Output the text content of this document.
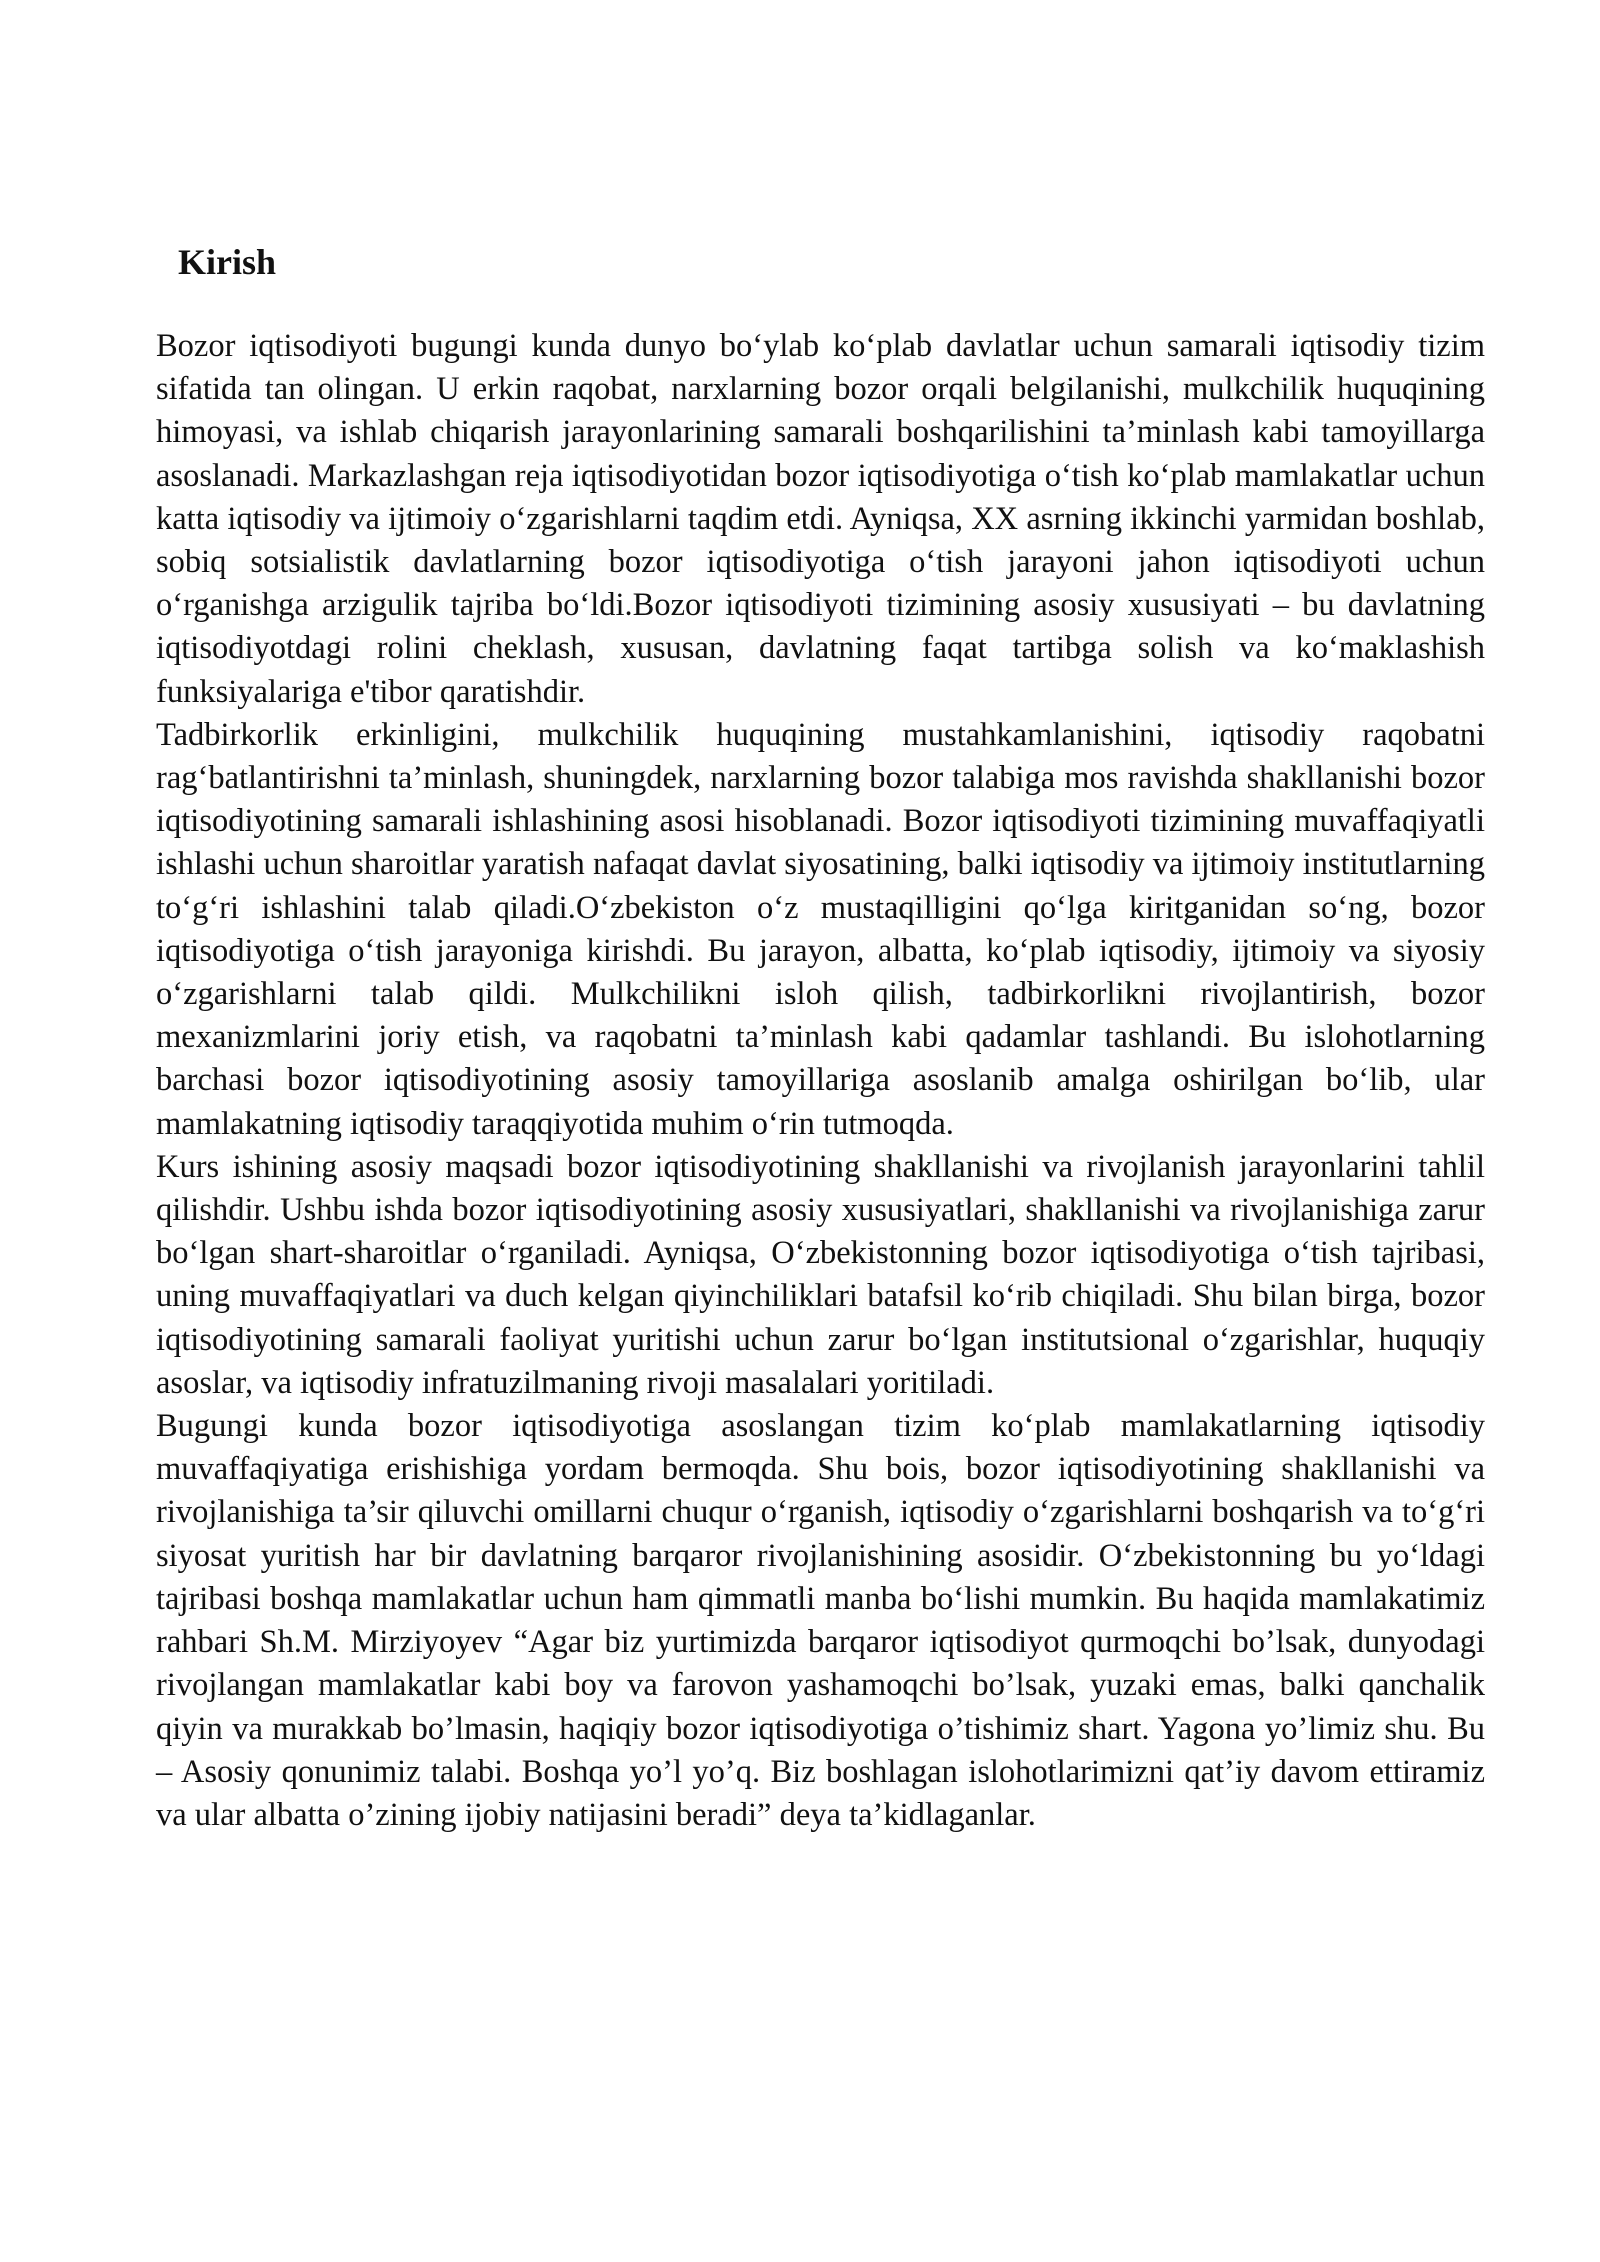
Kirish

Bozor iqtisodiyoti bugungi kunda dunyo bo‘ylab ko‘plab davlatlar uchun samarali iqtisodiy tizim sifatida tan olingan. U erkin raqobat, narxlarning bozor orqali belgilanishi, mulkchilik huquqining himoyasi, va ishlab chiqarish jarayonlarining samarali boshqarilishini ta’minlash kabi tamoyillarga asoslanadi. Markazlashgan reja iqtisodiyotidan bozor iqtisodiyotiga o‘tish ko‘plab mamlakatlar uchun katta iqtisodiy va ijtimoiy o‘zgarishlarni taqdim etdi. Ayniqsa, XX asrning ikkinchi yarmidan boshlab, sobiq sotsialistik davlatlarning bozor iqtisodiyotiga o‘tish jarayoni jahon iqtisodiyoti uchun o‘rganishga arzigulik tajriba bo‘ldi.Bozor iqtisodiyoti tizimining asosiy xususiyati – bu davlatning iqtisodiyotdagi rolini cheklash, xususan, davlatning faqat tartibga solish va ko‘maklashish funksiyalariga e'tibor qaratishdir.

Tadbirkorlik erkinligini, mulkchilik huquqining mustahkamlanishini, iqtisodiy raqobatni rag‘batlantirishni ta’minlash, shuningdek, narxlarning bozor talabiga mos ravishda shakllanishi bozor iqtisodiyotining samarali ishlashining asosi hisoblanadi. Bozor iqtisodiyoti tizimining muvaffaqiyatli ishlashi uchun sharoitlar yaratish nafaqat davlat siyosatining, balki iqtisodiy va ijtimoiy institutlarning to‘g‘ri ishlashini talab qiladi.O‘zbekiston o‘z mustaqilligini qo‘lga kiritganidan so‘ng, bozor iqtisodiyotiga o‘tish jarayoniga kirishdi. Bu jarayon, albatta, ko‘plab iqtisodiy, ijtimoiy va siyosiy o‘zgarishlarni talab qildi. Mulkchilikni isloh qilish, tadbirkorlikni rivojlantirish, bozor mexanizmlarini joriy etish, va raqobatni ta’minlash kabi qadamlar tashlandi. Bu islohotlarning barchasi bozor iqtisodiyotining asosiy tamoyillariga asoslanib amalga oshirilgan bo‘lib, ular mamlakatning iqtisodiy taraqqiyotida muhim o‘rin tutmoqda.

Kurs ishining asosiy maqsadi bozor iqtisodiyotining shakllanishi va rivojlanish jarayonlarini tahlil qilishdir. Ushbu ishda bozor iqtisodiyotining asosiy xususiyatlari, shakllanishi va rivojlanishiga zarur bo‘lgan shart-sharoitlar o‘rganiladi. Ayniqsa, O‘zbekistonning bozor iqtisodiyotiga o‘tish tajribasi, uning muvaffaqiyatlari va duch kelgan qiyinchiliklari batafsil ko‘rib chiqiladi. Shu bilan birga, bozor iqtisodiyotining samarali faoliyat yuritishi uchun zarur bo‘lgan institutsional o‘zgarishlar, huquqiy asoslar, va iqtisodiy infratuzilmaning rivoji masalalari yoritiladi.

Bugungi kunda bozor iqtisodiyotiga asoslangan tizim ko‘plab mamlakatlarning iqtisodiy muvaffaqiyatiga erishishiga yordam bermoqda. Shu bois, bozor iqtisodiyotining shakllanishi va rivojlanishiga ta’sir qiluvchi omillarni chuqur o‘rganish, iqtisodiy o‘zgarishlarni boshqarish va to‘g‘ri siyosat yuritish har bir davlatning barqaror rivojlanishining asosidir. O‘zbekistonning bu yo‘ldagi tajribasi boshqa mamlakatlar uchun ham qimmatli manba bo‘lishi mumkin. Bu haqida mamlakatimiz rahbari Sh.M. Mirziyoyev “Agar biz yurtimizda barqaror iqtisodiyot qurmoqchi bo’lsak, dunyodagi rivojlangan mamlakatlar kabi boy va farovon yashamoqchi bo’lsak, yuzaki emas, balki qanchalik qiyin va murakkab bo’lmasin, haqiqiy bozor iqtisodiyotiga o’tishimiz shart. Yagona yo’limiz shu. Bu – Asosiy qonunimiz talabi. Boshqa yo’l yo’q. Biz boshlagan islohotlarimizni qat’iy davom ettiramiz va ular albatta o’zining ijobiy natijasini beradi” deya ta’kidlaganlar.
